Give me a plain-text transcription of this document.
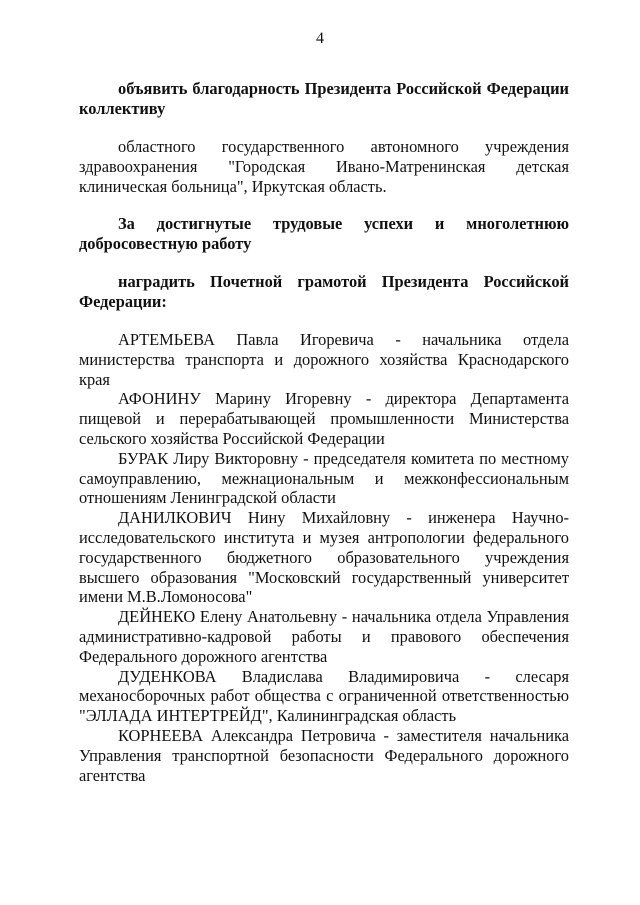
4

объявить благодарность Президента Российской Федерации коллективу

областного государственного автономного учреждения здравоохранения "Городская Ивано-Матренинская детская клиническая больница", Иркутская область.

За достигнутые трудовые успехи и многолетнюю добросовестную работу

наградить Почетной грамотой Президента Российской Федерации:

АРТЕМЬЕВА Павла Игоревича - начальника отдела министерства транспорта и дорожного хозяйства Краснодарского края

АФОНИНУ Марину Игоревну - директора Департамента пищевой и перерабатывающей промышленности Министерства сельского хозяйства Российской Федерации

БУРАК Лиру Викторовну - председателя комитета по местному самоуправлению, межнациональным и межконфессиональным отношениям Ленинградской области

ДАНИЛКОВИЧ Нину Михайловну - инженера Научно-исследовательского института и музея антропологии федерального государственного бюджетного образовательного учреждения высшего образования "Московский государственный университет имени М.В.Ломоносова"

ДЕЙНЕКО Елену Анатольевну - начальника отдела Управления административно-кадровой работы и правового обеспечения Федерального дорожного агентства

ДУДЕНКОВА Владислава Владимировича - слесаря механосборочных работ общества с ограниченной ответственностью "ЭЛЛАДА ИНТЕРТРЕЙД", Калининградская область

КОРНЕЕВА Александра Петровича - заместителя начальника Управления транспортной безопасности Федерального дорожного агентства
